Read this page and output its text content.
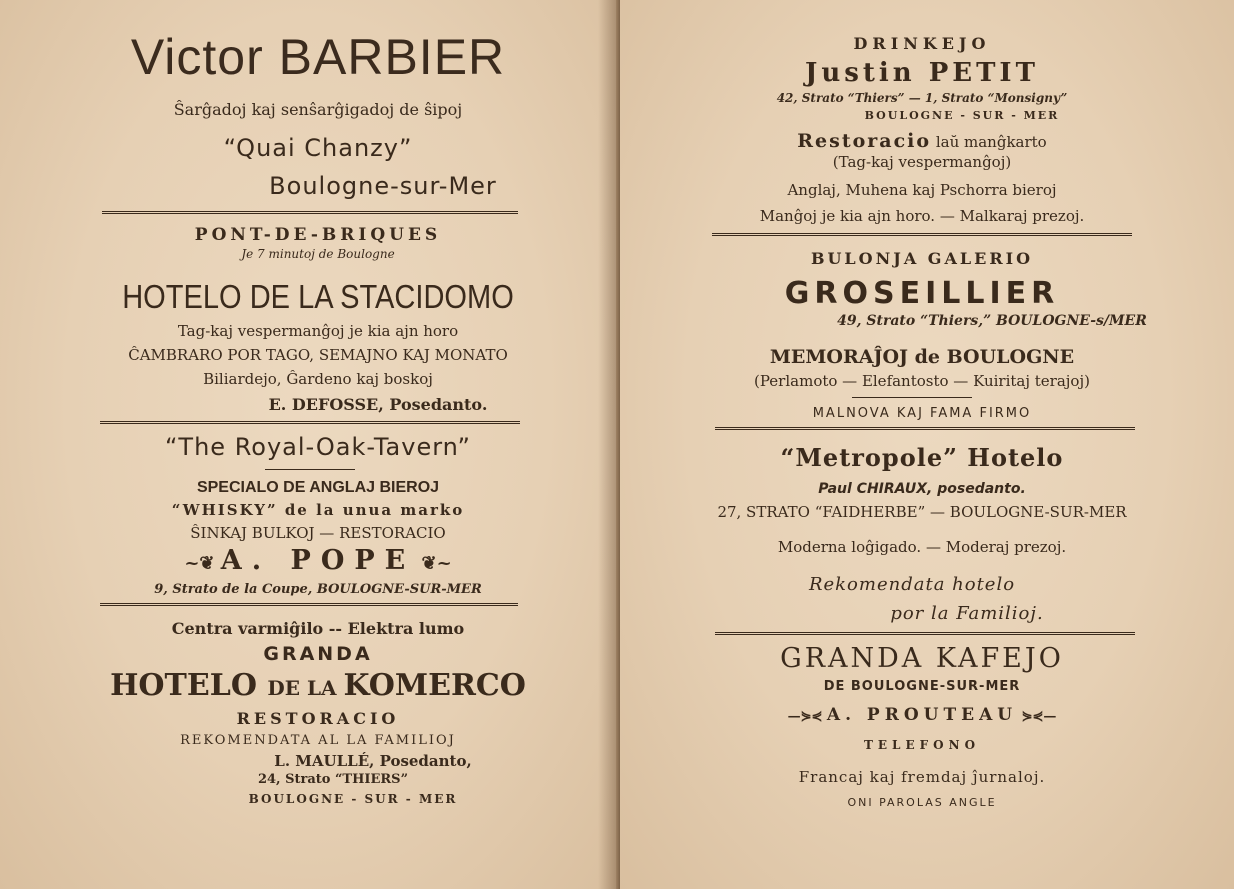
Victor BARBIER
Ŝarĝadoj kaj senŝarĝigadoj de ŝipoj
“Quai Chanzy”
Boulogne-sur-Mer
PONT-DE-BRIQUES
Je 7 minutoj de Boulogne
HOTELO DE LA STACIDOMO
Tag-kaj vespermanĝoj je kia ajn horo
ĈAMBRARO POR TAGO, SEMAJNO KAJ MONATO
Biliardejo, Ĝardeno kaj boskoj
E. DEFOSSE, Posedanto.
“The Royal-Oak-Tavern”
SPECIALO DE ANGLAJ BIEROJ
“WHISKY” de la unua marko
ŜINKAJ BULKOJ — RESTORACIO
~❦ A. POPE ❦~
9, Strato de la Coupe, BOULOGNE-SUR-MER
Centra varmiĝilo -- Elektra lumo
GRANDA
HOTELO DE LA KOMERCO
RESTORACIO
REKOMENDATA AL LA FAMILIOJ
L. MAULLÉ, Posedanto,
24, Strato “THIERS”
BOULOGNE - SUR - MER
DRINKEJO
Justin PETIT
42, Strato “Thiers” — 1, Strato “Monsigny”
BOULOGNE - SUR - MER
Restoracio laŭ manĝkarto
(Tag-kaj vespermanĝoj)
Anglaj, Muhena kaj Pschorra bieroj
Manĝoj je kia ajn horo. — Malkaraj prezoj.
BULONJA GALERIO
GROSEILLIER
49, Strato “Thiers,” BOULOGNE-s/MER
MEMORAĴOJ de BOULOGNE
(Perlamoto — Elefantosto — Kuiritaj terajoj)
MALNOVA KAJ FAMA FIRMO
“Metropole” Hotelo
Paul CHIRAUX, posedanto.
27, STRATO “FAIDHERBE” — BOULOGNE-SUR-MER
Moderna loĝigado. — Moderaj prezoj.
Rekomendata hotelo
por la Familioj.
GRANDA KAFEJO
DE BOULOGNE-SUR-MER
—⋟⋞ A. PROUTEAU ⋟⋞—
TELEFONO
Francaj kaj fremdaj ĵurnaloj.
ONI PAROLAS ANGLE
